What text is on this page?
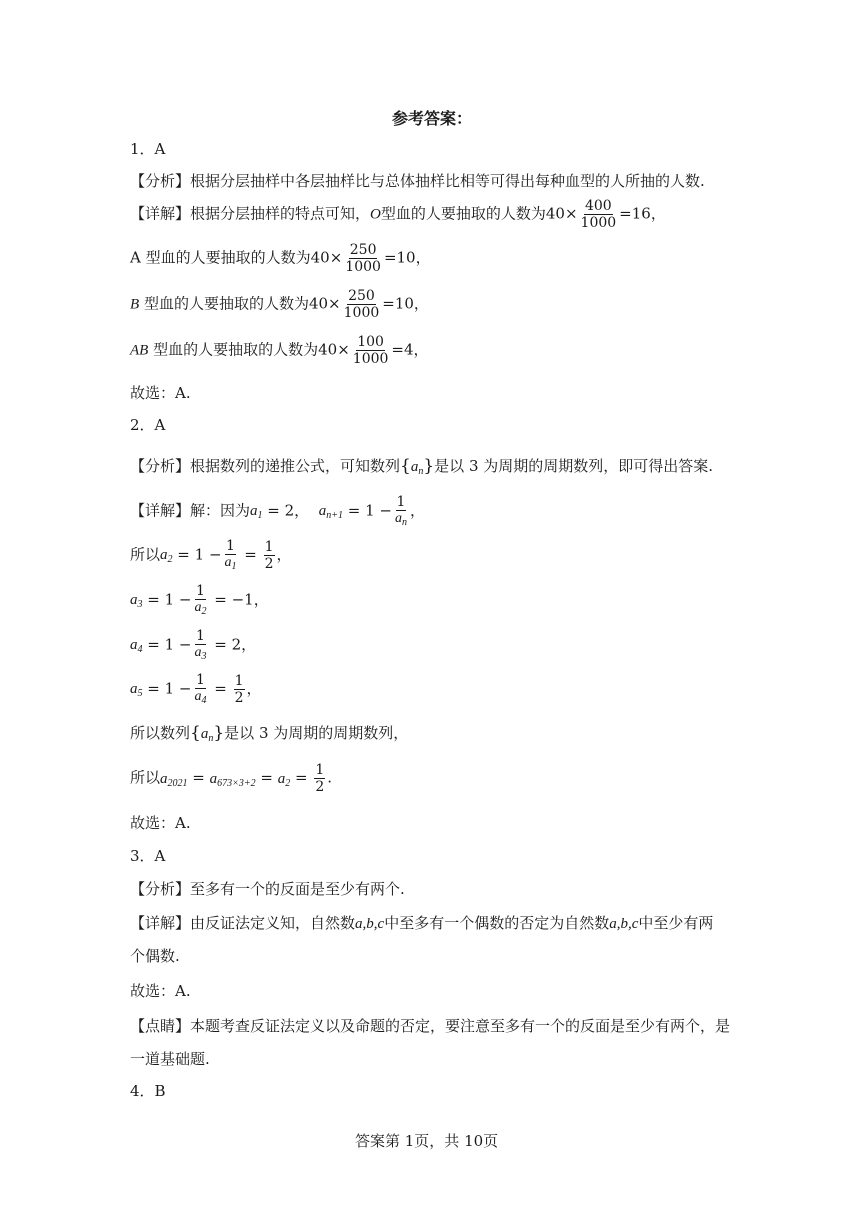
参考答案：
1．A
【分析】根据分层抽样中各层抽样比与总体抽样比相等可得出每种血型的人所抽的人数.
【详解】根据分层抽样的特点可知，O型血的人要抽取的人数为$40\times \frac{400}{1000} =16$，
A 型血的人要抽取的人数为$40\times \frac{250}{1000} =10$，
B 型血的人要抽取的人数为$40\times \frac{250}{1000} =10$，
AB 型血的人要抽取的人数为$40\times \frac{100}{1000} =4$，
故选：A.
2．A
【分析】根据数列的递推公式，可知数列$\{a_n\}$是以 3 为周期的周期数列，即可得出答案.
【详解】解：因为$a_1 = 2$， $a_{n+1} = 1 - \frac{1}{a_n}$ ，
所以$a_2 = 1 - \frac{1}{a_1} = \frac{1}{2}$ ，
$a_3 = 1 - \frac{1}{a_2} = -1$，
$a_4 = 1 - \frac{1}{a_3} = 2$，
$a_5 = 1 - \frac{1}{a_4} = \frac{1}{2}$ ，
所以数列$\{a_n\}$是以 3 为周期的周期数列，
所以$a_{2021} = a_{673\times 3+2} = a_2 = \frac{1}{2}$ .
故选：A.
3．A
【分析】至多有一个的反面是至少有两个.
【详解】由反证法定义知，自然数a,b,c中至多有一个偶数的否定为自然数a,b,c中至少有两
个偶数.
故选：A.
【点睛】本题考查反证法定义以及命题的否定，要注意至多有一个的反面是至少有两个，是
一道基础题.
4．B
答案第 1页，共 10页
